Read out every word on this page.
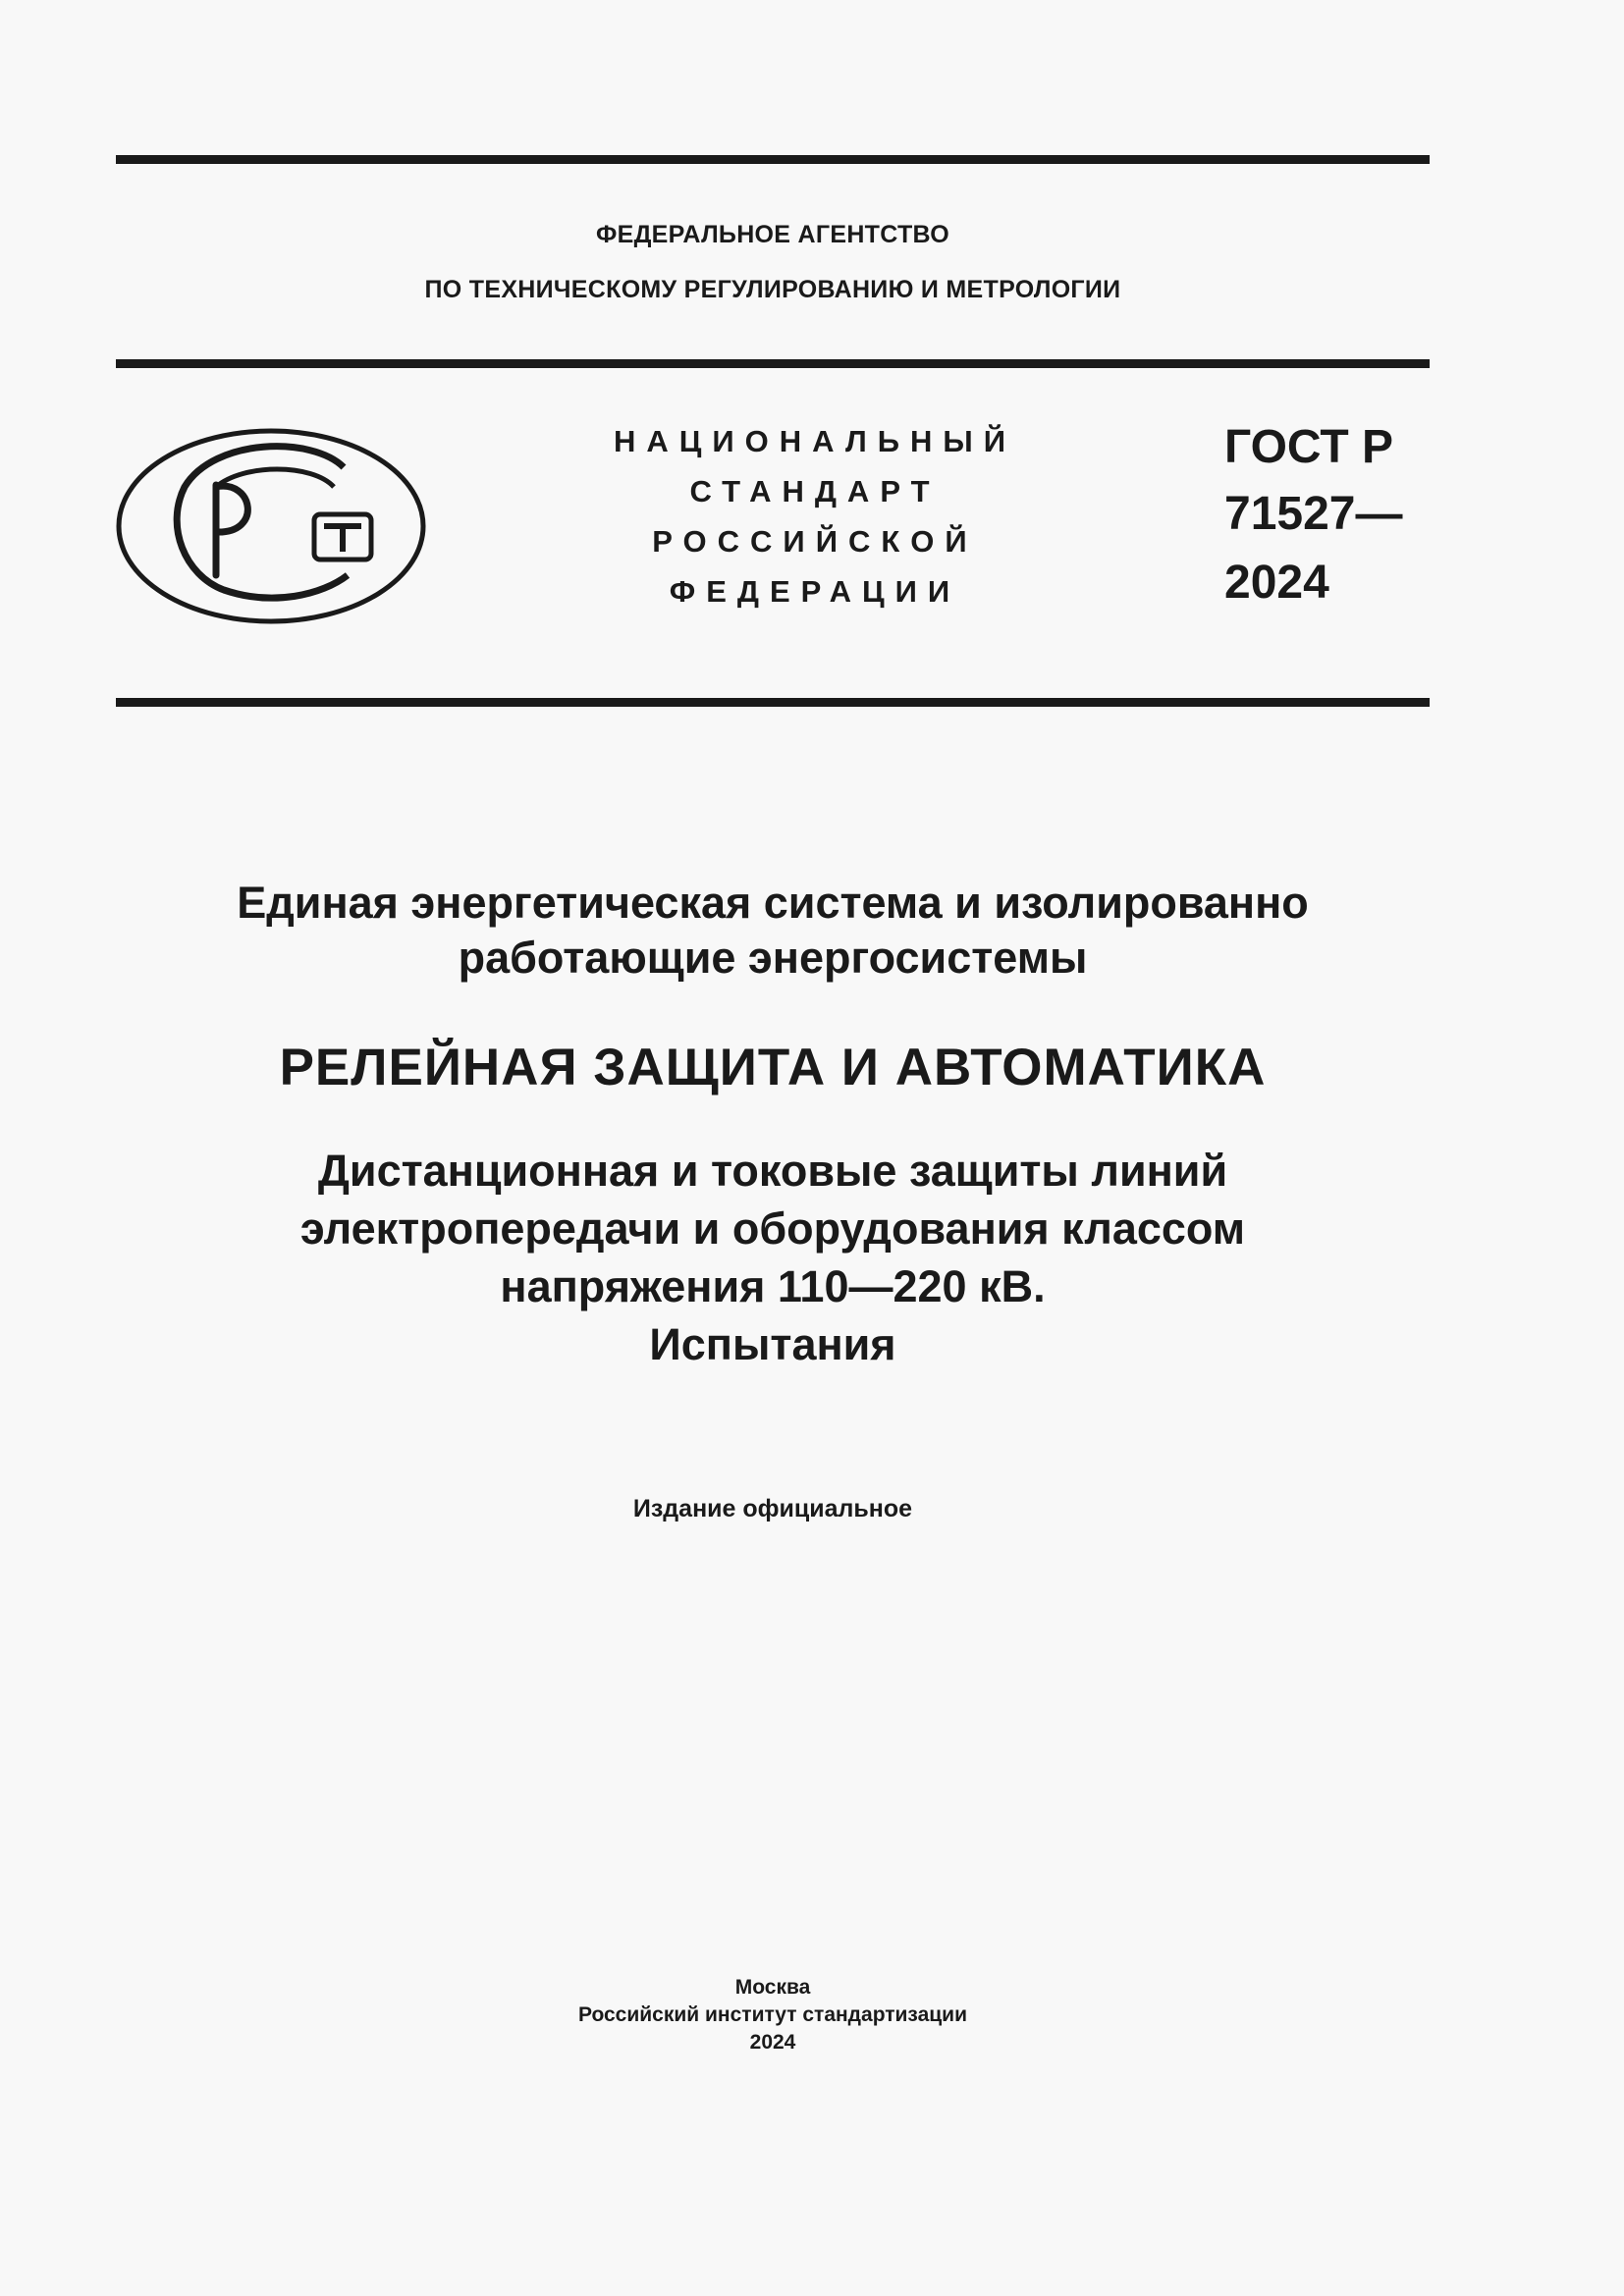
ФЕДЕРАЛЬНОЕ АГЕНТСТВО
ПО ТЕХНИЧЕСКОМУ РЕГУЛИРОВАНИЮ И МЕТРОЛОГИИ
НАЦИОНАЛЬНЫЙ
СТАНДАРТ
РОССИЙСКОЙ
ФЕДЕРАЦИИ
ГОСТ Р
71527—
2024
Единая энергетическая система и изолированно
работающие энергосистемы
РЕЛЕЙНАЯ ЗАЩИТА И АВТОМАТИКА
Дистанционная и токовые защиты линий
электропередачи и оборудования классом
напряжения 110—220 кВ.
Испытания
Издание официальное
Москва
Российский институт стандартизации
2024
